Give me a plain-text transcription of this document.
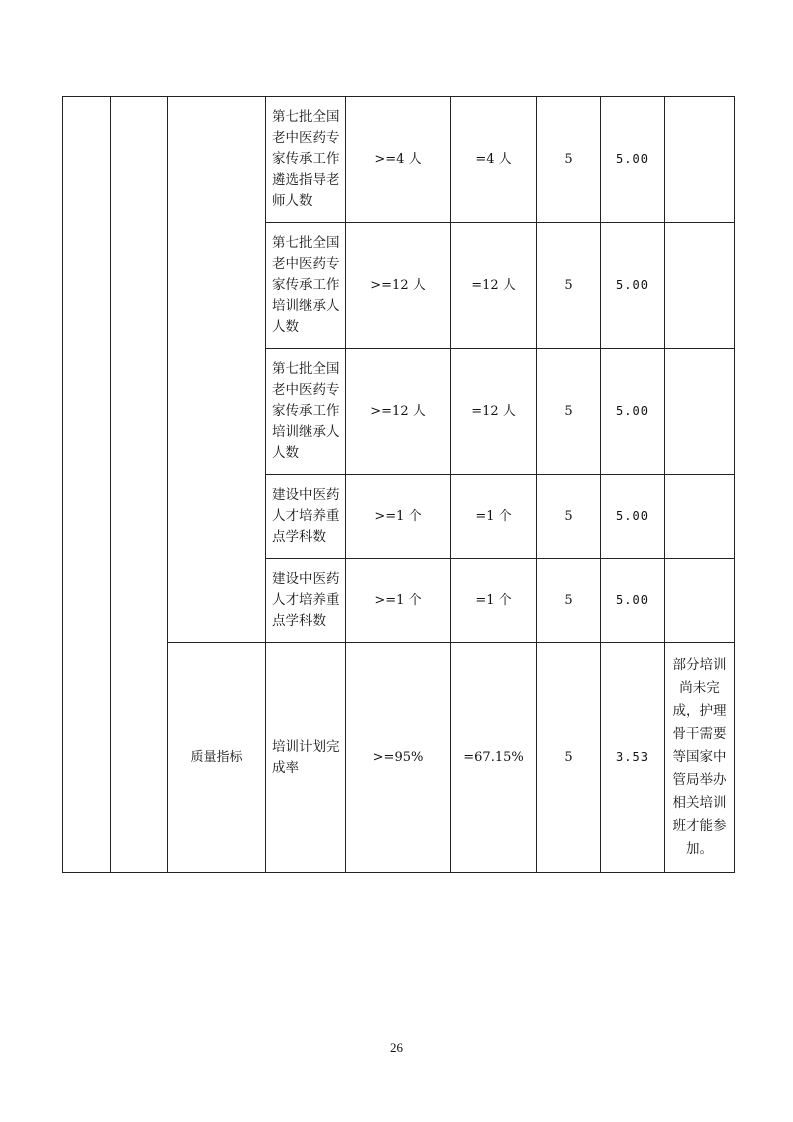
			第七批全国老中医药专家传承工作遴选指导老师人数	>=4 人	=4 人	5	5.00	
			第七批全国老中医药专家传承工作培训继承人人数	>=12 人	=12 人	5	5.00	
			第七批全国老中医药专家传承工作培训继承人人数	>=12 人	=12 人	5	5.00	
			建设中医药人才培养重点学科数	>=1 个	=1 个	5	5.00	
			建设中医药人才培养重点学科数	>=1 个	=1 个	5	5.00	
		质量指标	培训计划完成率	>=95%	=67.15%	5	3.53	部分培训尚未完成，护理骨干需要等国家中管局举办相关培训班才能参加。
26
